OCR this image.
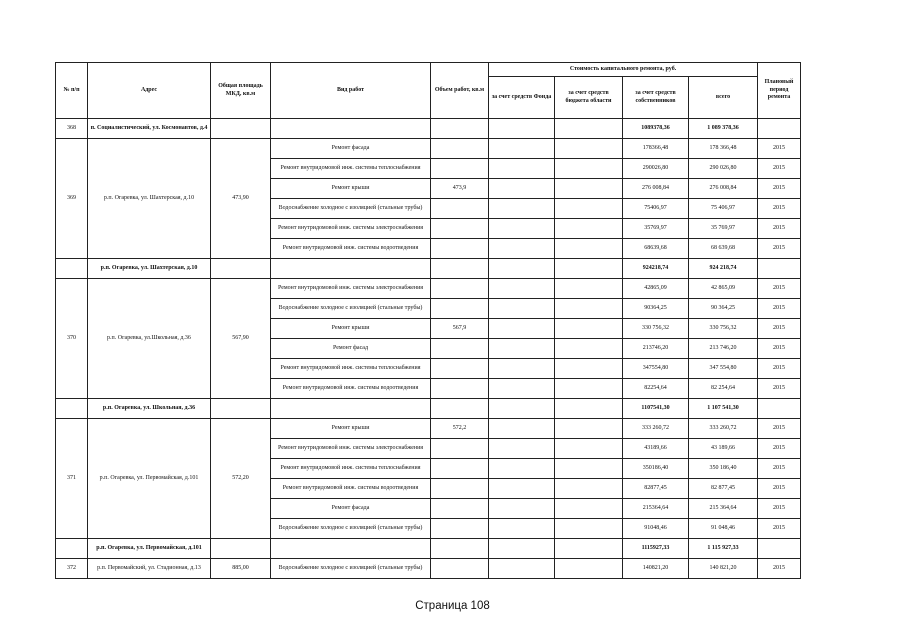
№ п/п	Адрес	Общая площадь МКД, кв.м	Вид работ	Объем работ, кв.м	Стоимость капитального ремонта, руб.				Плановый период ремонта
					за счет средств Фонда	за счет средств бюджета области	за счет средств собственников	всего	
368	п. Социалистический, ул. Космонавтов, д.4						1089378,36	1 089 378,36	
369	р.п. Огаревка, ул. Шахтерская, д.10	473,90	Ремонт фасада				178366,48	178 366,48	2015
			Ремонт внутридомовой инж. системы теплоснабжения				290026,80	290 026,80	2015
			Ремонт крыши	473,9			276 008,84	276 008,84	2015
			Водоснабжение холодное с изоляцией (стальные трубы)				75406,97	75 406,97	2015
			Ремонт внутридомовой инж. системы электроснабжения				35769,97	35 769,97	2015
			Ремонт внутридомовой инж. системы водоотведения				68639,68	68 639,68	2015
	р.п. Огаревка, ул. Шахтерская, д.10						924218,74	924 218,74	
370	р.п. Огаревка, ул.Школьная, д.36	567,90	Ремонт внутридомовой инж. системы электроснабжения				42865,09	42 865,09	2015
			Водоснабжение холодное с изоляцией (стальные трубы)				90364,25	90 364,25	2015
			Ремонт крыши	567,9			330 756,32	330 756,32	2015
			Ремонт фасад				213746,20	213 746,20	2015
			Ремонт внутридомовой инж. системы теплоснабжения				347554,80	347 554,80	2015
			Ремонт внутридомовой инж. системы водоотведения				82254,64	82 254,64	2015
	р.п. Огаревка, ул. Школьная, д.36						1107541,30	1 107 541,30	
371	р.п. Огаревка, ул. Первомайская, д.101	572,20	Ремонт крыши	572,2			333 260,72	333 260,72	2015
			Ремонт внутридомовой инж. системы электроснабжения				43189,66	43 189,66	2015
			Ремонт внутридомовой инж. системы теплоснабжения				350186,40	350 186,40	2015
			Ремонт внутридомовой инж. системы водоотведения				82877,45	82 877,45	2015
			Ремонт фасада				215364,64	215 364,64	2015
			Водоснабжение холодное с изоляцией (стальные трубы)				91048,46	91 048,46	2015
	р.п. Огаревка, ул. Первомайская, д.101						1115927,33	1 115 927,33	
372	р.п. Первомайский, ул. Стадионная, д.13	885,00	Водоснабжение холодное с изоляцией (стальные трубы)				140821,20	140 821,20	2015
Страница 108
